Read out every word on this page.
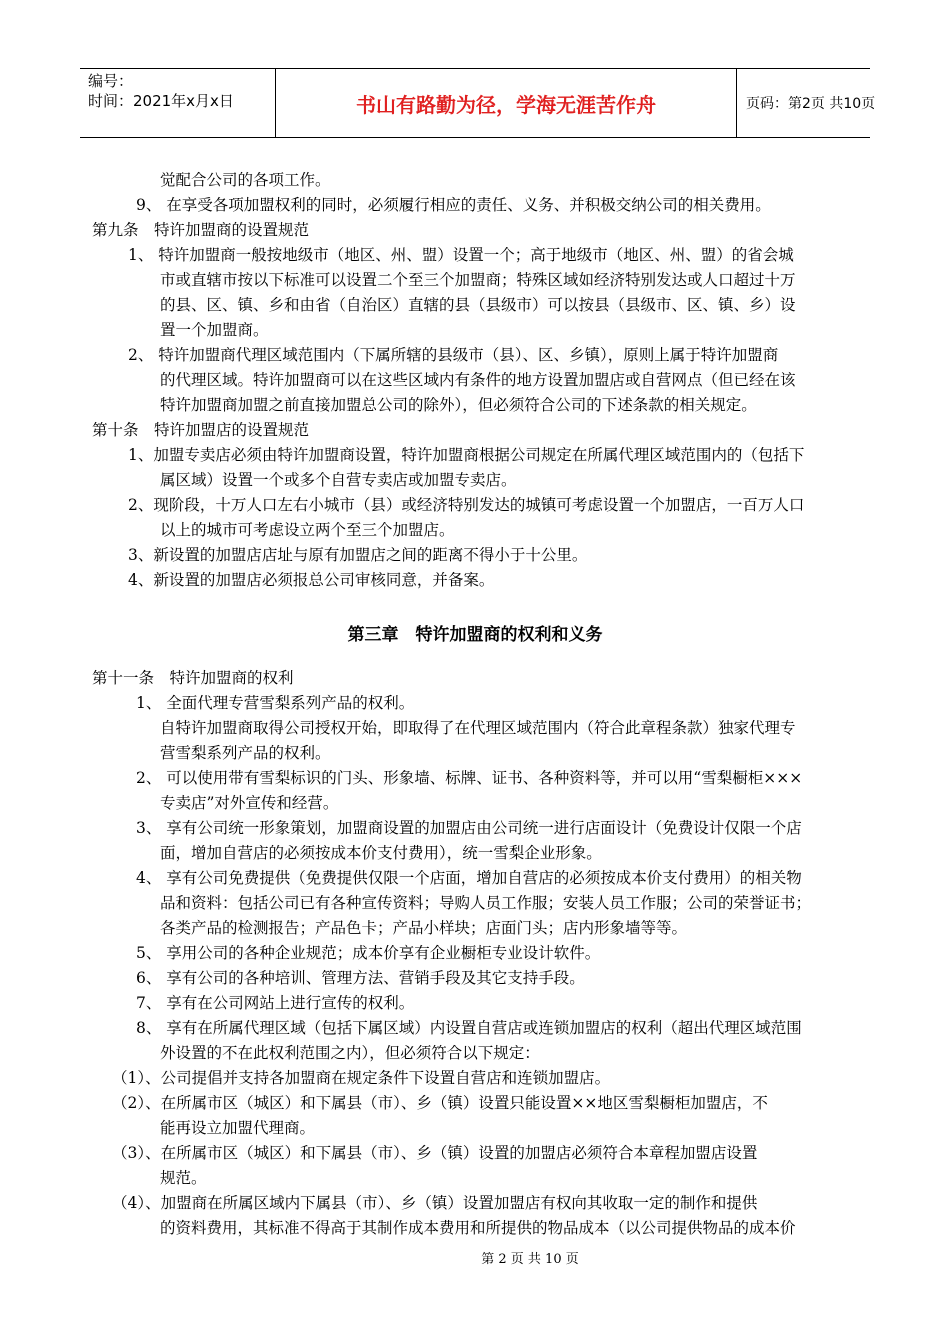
编号：
时间：2021年x月x日	书山有路勤为径，学海无涯苦作舟	页码：第2页 共10页
觉配合公司的各项工作。
9、 在享受各项加盟权利的同时，必须履行相应的责任、义务、并积极交纳公司的相关费用。
第九条　特许加盟商的设置规范
1、 特许加盟商一般按地级市（地区、州、盟）设置一个；高于地级市（地区、州、盟）的省会城
市或直辖市按以下标准可以设置二个至三个加盟商；特殊区域如经济特别发达或人口超过十万
的县、区、镇、乡和由省（自治区）直辖的县（县级市）可以按县（县级市、区、镇、乡）设
置一个加盟商。
2、 特许加盟商代理区域范围内（下属所辖的县级市（县）、区、乡镇），原则上属于特许加盟商
的代理区域。特许加盟商可以在这些区域内有条件的地方设置加盟店或自营网点（但已经在该
特许加盟商加盟之前直接加盟总公司的除外），但必须符合公司的下述条款的相关规定。
第十条　特许加盟店的设置规范
1、加盟专卖店必须由特许加盟商设置，特许加盟商根据公司规定在所属代理区域范围内的（包括下
属区域）设置一个或多个自营专卖店或加盟专卖店。
2、现阶段，十万人口左右小城市（县）或经济特别发达的城镇可考虑设置一个加盟店，一百万人口
以上的城市可考虑设立两个至三个加盟店。
3、新设置的加盟店店址与原有加盟店之间的距离不得小于十公里。
4、新设置的加盟店必须报总公司审核同意，并备案。
第三章　特许加盟商的权利和义务
第十一条　特许加盟商的权利
1、 全面代理专营雪梨系列产品的权利。
自特许加盟商取得公司授权开始，即取得了在代理区域范围内（符合此章程条款）独家代理专
营雪梨系列产品的权利。
2、 可以使用带有雪梨标识的门头、形象墙、标牌、证书、各种资料等，并可以用“雪梨橱柜×××
专卖店”对外宣传和经营。
3、 享有公司统一形象策划，加盟商设置的加盟店由公司统一进行店面设计（免费设计仅限一个店
面，增加自营店的必须按成本价支付费用），统一雪梨企业形象。
4、 享有公司免费提供（免费提供仅限一个店面，增加自营店的必须按成本价支付费用）的相关物
品和资料：包括公司已有各种宣传资料；导购人员工作服；安装人员工作服；公司的荣誉证书；
各类产品的检测报告；产品色卡；产品小样块；店面门头；店内形象墙等等。
5、 享用公司的各种企业规范；成本价享有企业橱柜专业设计软件。
6、 享有公司的各种培训、管理方法、营销手段及其它支持手段。
7、 享有在公司网站上进行宣传的权利。
8、 享有在所属代理区域（包括下属区域）内设置自营店或连锁加盟店的权利（超出代理区域范围
外设置的不在此权利范围之内），但必须符合以下规定：
（1）、公司提倡并支持各加盟商在规定条件下设置自营店和连锁加盟店。
（2）、在所属市区（城区）和下属县（市）、乡（镇）设置只能设置××地区雪梨橱柜加盟店，不
能再设立加盟代理商。
（3）、在所属市区（城区）和下属县（市）、乡（镇）设置的加盟店必须符合本章程加盟店设置
规范。
（4）、加盟商在所属区域内下属县（市）、乡（镇）设置加盟店有权向其收取一定的制作和提供
的资料费用，其标准不得高于其制作成本费用和所提供的物品成本（以公司提供物品的成本价
第 2 页 共 10 页
